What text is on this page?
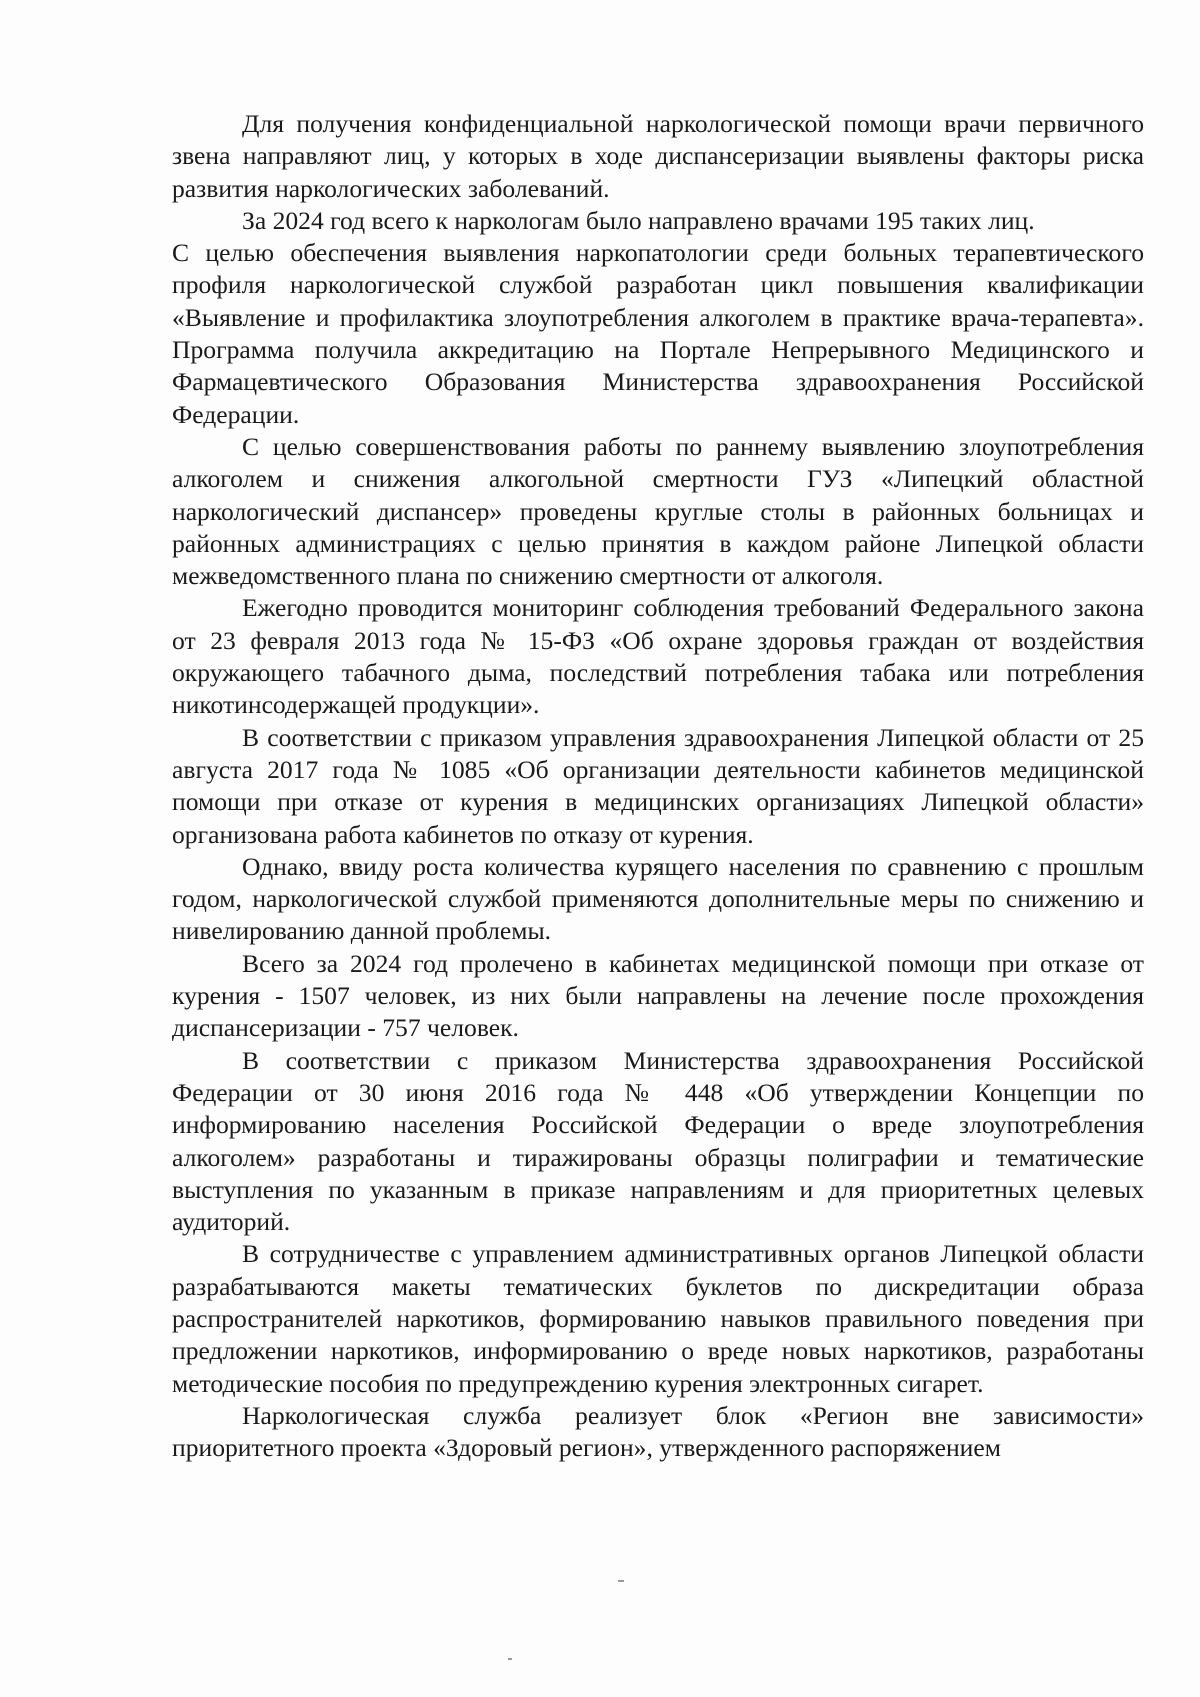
Для получения конфиденциальной наркологической помощи врачи первичного звена направляют лиц, у которых в ходе диспансеризации выявлены факторы риска развития наркологических заболеваний.

За 2024 год всего к наркологам было направлено врачами 195 таких лиц.

С целью обеспечения выявления наркопатологии среди больных терапевтического профиля наркологической службой разработан цикл повышения квалификации «Выявление и профилактика злоупотребления алкоголем в практике врача-терапевта». Программа получила аккредитацию на Портале Непрерывного Медицинского и Фармацевтического Образования Министерства здравоохранения Российской Федерации.

С целью совершенствования работы по раннему выявлению злоупотребления алкоголем и снижения алкогольной смертности ГУЗ «Липецкий областной наркологический диспансер» проведены круглые столы в районных больницах и районных администрациях с целью принятия в каждом районе Липецкой области межведомственного плана по снижению смертности от алкоголя.

Ежегодно проводится мониторинг соблюдения требований Федерального закона от 23 февраля 2013 года № 15-ФЗ «Об охране здоровья граждан от воздействия окружающего табачного дыма, последствий потребления табака или потребления никотинсодержащей продукции».

В соответствии с приказом управления здравоохранения Липецкой области от 25 августа 2017 года № 1085 «Об организации деятельности кабинетов медицинской помощи при отказе от курения в медицинских организациях Липецкой области» организована работа кабинетов по отказу от курения.

Однако, ввиду роста количества курящего населения по сравнению с прошлым годом, наркологической службой применяются дополнительные меры по снижению и нивелированию данной проблемы.

Всего за 2024 год пролечено в кабинетах медицинской помощи при отказе от курения - 1507 человек, из них были направлены на лечение после прохождения диспансеризации - 757 человек.

В соответствии с приказом Министерства здравоохранения Российской Федерации от 30 июня 2016 года № 448 «Об утверждении Концепции по информированию населения Российской Федерации о вреде злоупотребления алкоголем» разработаны и тиражированы образцы полиграфии и тематические выступления по указанным в приказе направлениям и для приоритетных целевых аудиторий.

В сотрудничестве с управлением административных органов Липецкой области разрабатываются макеты тематических буклетов по дискредитации образа распространителей наркотиков, формированию навыков правильного поведения при предложении наркотиков, информированию о вреде новых наркотиков, разработаны методические пособия по предупреждению курения электронных сигарет.

Наркологическая служба реализует блок «Регион вне зависимости» приоритетного проекта «Здоровый регион», утвержденного распоряжением
